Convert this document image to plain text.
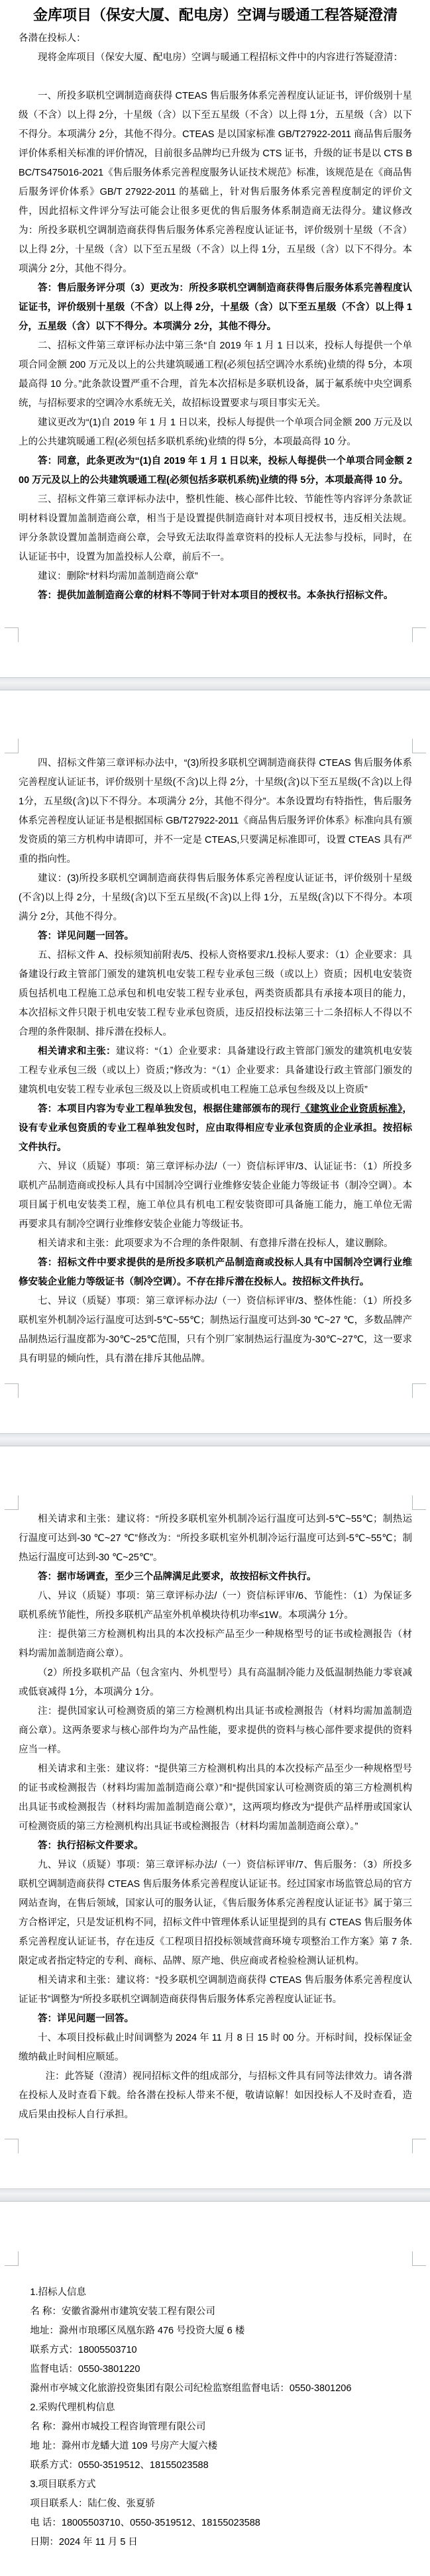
金库项目（保安大厦、配电房）空调与暖通工程答疑澄清

各潜在投标人：

现将金库项目（保安大厦、配电房）空调与暖通工程招标文件中的内容进行答疑澄清：

一、所投多联机空调制造商获得 CTEAS 售后服务体系完善程度认证证书，评价级别十星级（不含）以上得 2分，十星级（含）以下至五星级（不含）以上得 1分，五星级（含）以下不得分。本项满分 2分，其他不得分。CTEAS 是以国家标准 GB/T27922-2011 商品售后服务评价体系相关标准的评价情况，目前很多品牌均已升级为 CTS 证书，升级的证书是以 CTS BBC/TS475016-2021《售后服务体系完善程度服务认证技术规范》标准，该规范是在《商品售后服务评价体系》GB/T 27922-2011 的基础上，针对售后服务体系完善程度制定的评价文件，因此招标文件评分写法可能会让很多更优的售后服务体系制造商无法得分。建议修改为：所投多联机空调制造商获得售后服务体系完善程度认证证书，评价级别十星级（不含）以上得 2分，十星级（含）以下至五星级（不含）以上得 1分，五星级（含）以下不得分。本项满分 2分，其他不得分。

答：售后服务评分项（3）更改为：所投多联机空调制造商获得售后服务体系完善程度认证证书，评价级别十星级（不含）以上得 2分，十星级（含）以下至五星级（不含）以上得 1分，五星级（含）以下不得分。本项满分 2分，其他不得分。

二、招标文件第三章评标办法中第三条“自 2019 年 1 月 1 日以来，投标人每提供一个单项合同金额 200 万元及以上的公共建筑暖通工程(必须包括空调冷水系统)业绩的得 5分，本项最高得 10 分。”此条款设置严重不合理，首先本次招标是多联机设备，属于氟系统中央空调系统，与招标要求的空调冷水系统无关，故招标设置要求与项目事实无关。

建议更改为“(1)自 2019 年 1 月 1 日以来，投标人每提供一个单项合同金额 200 万元及以上的公共建筑暖通工程(必须包括多联机系统)业绩的得 5分，本项最高得 10 分。

答：同意，此条更改为“(1)自 2019 年 1 月 1 日以来，投标人每提供一个单项合同金额 200 万元及以上的公共建筑暖通工程(必须包括多联机系统)业绩的得 5分，本项最高得 10 分。

三、招标文件第三章评标办法中，整机性能、核心部件比较、节能性等内容评分条款证明材料设置加盖制造商公章，相当于是设置提供制造商针对本项目授权书，违反相关法规。评分条款设置加盖制造商公章，会导致无法取得盖章资料的投标人无法参与投标，同时，在认证证书中，设置为加盖投标人公章，前后不一。

建议：删除“材料均需加盖制造商公章”

答：提供加盖制造商公章的材料不等同于针对本项目的授权书。本条执行招标文件。

四、招标文件第三章评标办法中，“(3)所投多联机空调制造商获得 CTEAS 售后服务体系完善程度认证证书，评价级别十星级(不含)以上得 2分，十星级(含)以下至五星级(不含)以上得 1分，五星级(含)以下不得分。本项满分 2分，其他不得分”。本条设置均有特指性，售后服务体系完善程度认证证书是根据国标 GB/T27922-2011《商品售后服务评价体系》标准向具有颁发资质的第三方机构申请即可，并不一定是 CTEAS,只要满足标准即可，设置 CTEAS 具有严重的指向性。

建议：(3)所投多联机空调制造商获得售后服务体系完善程度认证证书，评价级别十星级(不含)以上得 2分，十星级(含)以下至五星级(不含)以上得 1分，五星级(含)以下不得分。本项满分 2分，其他不得分。

答：详见问题一回答。

五、招标文件 A、投标须知前附表/5、投标人资格要求/1.投标人要求：（1）企业要求：具备建设行政主管部门颁发的建筑机电安装工程专业承包三级（或以上）资质；因机电安装资质包括机电工程施工总承包和机电安装工程专业承包，两类资质都具有承接本项目的能力，本次招标文件只限于机电安装工程专业承包资质，违反招投标法第三十二条招标人不得以不合理的条件限制、排斥潜在投标人。

相关请求和主张：建议将：“（1）企业要求：具备建设行政主管部门颁发的建筑机电安装工程专业承包三级（或以上）资质；”修改为：“（1）企业要求：具备建设行政主管部门颁发的建筑机电安装工程专业承包三级及以上资质或机电工程施工总承包叁级及以上资质”

答：本项目内容为专业工程单独发包，根据住建部颁布的现行《建筑业企业资质标准》，设有专业承包资质的专业工程单独发包时，应由取得相应专业承包资质的企业承担。按招标文件执行。

六、异议（质疑）事项：第三章评标办法/（一）资信标评审/3、认证证书：（1）所投多联机产品制造商或投标人具有中国制冷空调行业维修安装企业能力等级证书（制冷空调）。本项目属于机电安装类工程，施工单位具有机电工程安装资即可具备施工能力，施工单位无需再要求具有制冷空调行业维修安装企业能力等级证书。

相关请求和主张：此项要求为不合理的条件限制、有意排斥潜在投标人，建议删除。

答：招标文件中要求提供的是所投多联机产品制造商或投标人具有中国制冷空调行业维修安装企业能力等级证书（制冷空调）。不存在排斥潜在投标人。按招标文件执行。

七、异议（质疑）事项：第三章评标办法/（一）资信标评审/3、整体性能：（1）所投多联机室外机制冷运行温度可达到-5℃~55℃；制热运行温度可达到-30 ℃~27 ℃，多数品牌产品制热运行温度都为-30℃~25℃范围，只有个别厂家制热运行温度为-30℃~27℃，这一要求具有明显的倾向性，具有潜在排斥其他品牌。

相关请求和主张：建议将：“所投多联机室外机制冷运行温度可达到-5℃~55℃；制热运行温度可达到-30 ℃~27 ℃”修改为：“所投多联机室外机制冷运行温度可达到-5℃~55℃；制热运行温度可达到-30 ℃~25℃”。

答：据市场调查，至少三个品牌满足此要求，故按招标文件执行。

八、异议（质疑）事项：第三章评标办法/（一）资信标评审/6、节能性：（1）为保证多联机系统节能性，所投多联机产品室外机单模块待机功率≤1W。本项满分 1分。

注：提供第三方检测机构出具的本次投标产品至少一种规格型号的证书或检测报告（材料均需加盖制造商公章）。

（2）所投多联机产品（包含室内、外机型号）具有高温制冷能力及低温制热能力零衰减或低衰减得 1分，本项满分 1分。

注：提供国家认可检测资质的第三方检测机构出具证书或检测报告（材料均需加盖制造商公章）。这两条要求与核心部件均为产品性能，要求提供的资料与核心部件要求提供的资料应当一样。

相关请求和主张：建议将：“提供第三方检测机构出具的本次投标产品至少一种规格型号的证书或检测报告（材料均需加盖制造商公章）”和“提供国家认可检测资质的第三方检测机构出具证书或检测报告（材料均需加盖制造商公章）”，这两项均修改为“提供产品样册或国家认可检测资质的第三方检测机构出具证书或检测报告（材料均需加盖制造商公章）。”

答：执行招标文件要求。

九、异议（质疑）事项：第三章评标办法/（一）资信标评审/7、售后服务：（3）所投多联机空调制造商获得 CTEAS 售后服务体系完善程度认证证书。经过国家市场监管总局的官方网站查询，在售后领域，国家认可的服务认证，《售后服务体系完善程度认证证书》属于第三方合格评定，只是发证机构不同，招标文件中管理体系认证里提到的具有 CTEAS 售后服务体系完善程度认证证书，存在违反《工程项目招投标领域营商环境专项整治工作方案》第 7 条.限定或者指定特定的专利、商标、品牌、原产地、供应商或者检验检测认证机构。

相关请求和主张：建议将：“投多联机空调制造商获得 CTEAS 售后服务体系完善程度认证证书”调整为“所投多联机空调制造商获得售后服务体系完善程度认证证书。

答：详见问题一回答。

十、本项目投标截止时间调整为 2024 年 11 月 8 日 15 时 00 分。开标时间，投标保证金缴纳截止时间相应顺延。

注：此答疑（澄清）视同招标文件的组成部分，与招标文件具有同等法律效力。请各潜在投标人及时查看下载。给各潜在投标人带来不便，敬请谅解！如因投标人不及时查看，造成后果由投标人自行承担。

1.招标人信息

名 称：安徽省滁州市建筑安装工程有限公司

地址：滁州市琅琊区凤凰东路 476 号投资大厦 6 楼

联系方式：18005503710

监督电话：0550-3801220

滁州市亭城文化旅游投资集团有限公司纪检监察组监督电话：0550-3801206

2.采购代理机构信息

名 称：滁州市城投工程咨询管理有限公司

地 址：滁州市龙蟠大道 109 号房产大厦六楼

联系方式：0550-3519512、18155023588

3.项目联系方式

项目联系人：陆仁俊、张夏骄

电 话：18005503710、0550-3519512、18155023588

日期：2024 年 11 月 5 日
